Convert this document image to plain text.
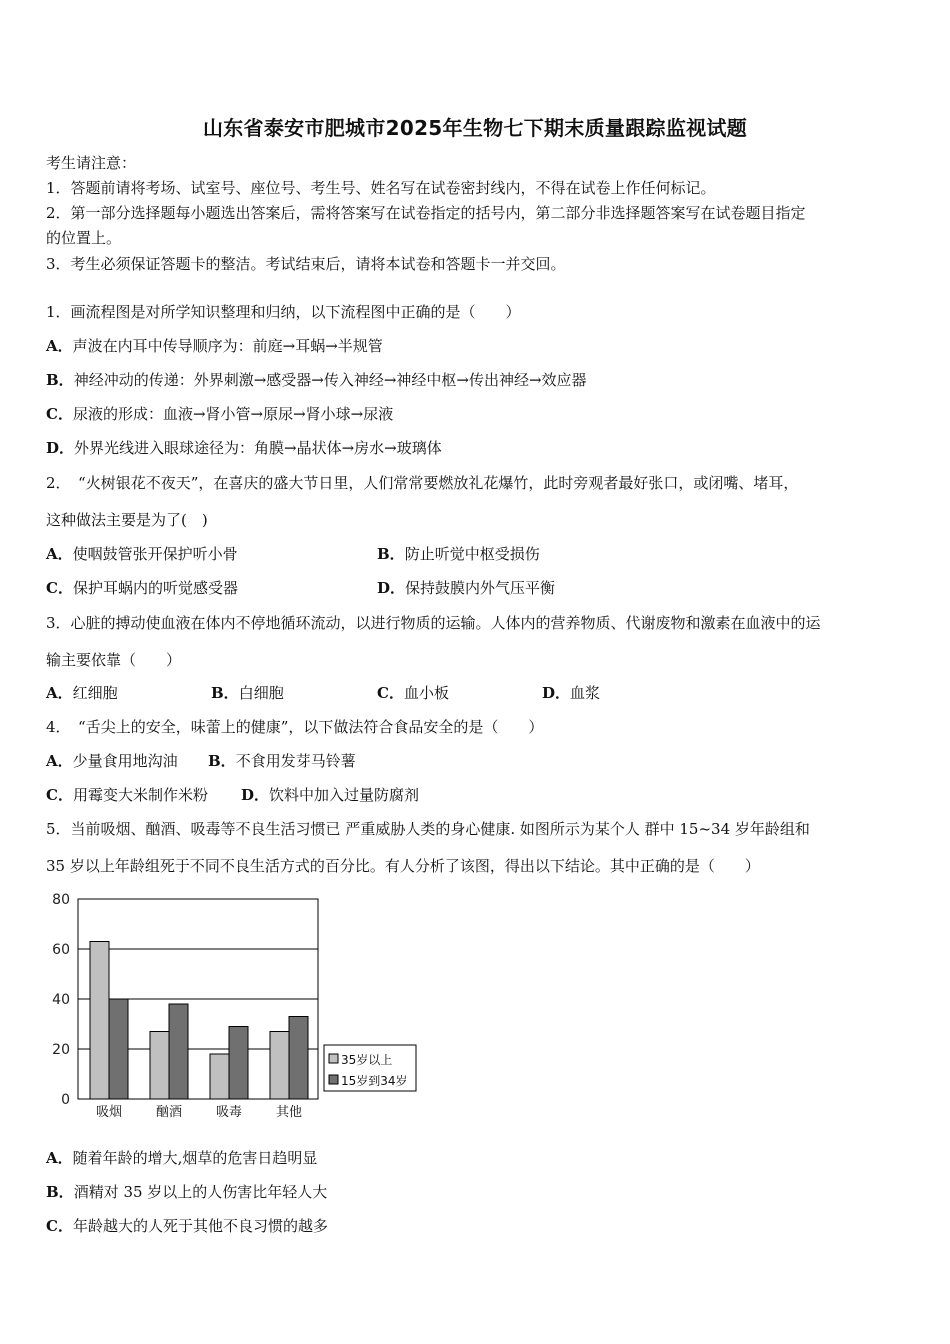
山东省泰安市肥城市2025年生物七下期末质量跟踪监视试题
考生请注意：
1．答题前请将考场、试室号、座位号、考生号、姓名写在试卷密封线内，不得在试卷上作任何标记。
2．第一部分选择题每小题选出答案后，需将答案写在试卷指定的括号内，第二部分非选择题答案写在试卷题目指定
的位置上。
3．考生必须保证答题卡的整洁。考试结束后，请将本试卷和答题卡一并交回。
1．画流程图是对所学知识整理和归纳，以下流程图中正确的是（　　）
A．声波在内耳中传导顺序为：前庭→耳蜗→半规管
B．神经冲动的传递：外界刺激→感受器→传入神经→神经中枢→传出神经→效应器
C．尿液的形成：血液→肾小管→原尿→肾小球→尿液
D．外界光线进入眼球途径为：角膜→晶状体→房水→玻璃体
2．　“火树银花不夜天”，在喜庆的盛大节日里，人们常常要燃放礼花爆竹，此时旁观者最好张口，或闭嘴、堵耳，
这种做法主要是为了(　)
A．使咽鼓管张开保护听小骨	B．防止听觉中枢受损伤
C．保护耳蜗内的听觉感受器	D．保持鼓膜内外气压平衡
3．心脏的搏动使血液在体内不停地循环流动，以进行物质的运输。人体内的营养物质、代谢废物和激素在血液中的运
输主要依靠（　　）
A．红细胞	B．白细胞	C．血小板	D．血浆
4．　“舌尖上的安全，味蕾上的健康”，以下做法符合食品安全的是（　　）
A．少量食用地沟油 B．不食用发芽马铃薯
C．用霉变大米制作米粉 D．饮料中加入过量防腐剂
5．当前吸烟、酗酒、吸毒等不良生活习惯已 严重威胁人类的身心健康. 如图所示为某个人 群中 15~34 岁年龄组和
35 岁以上年龄组死于不同不良生活方式的百分比。有人分析了该图，得出以下结论。其中正确的是（　　）
0
20
40
60
80
吸烟	酗酒	吸毒	其他
35岁以上
15岁到34岁
A．随着年龄的增大,烟草的危害日趋明显
B．酒精对 35 岁以上的人伤害比年轻人大
C．年龄越大的人死于其他不良习惯的越多
